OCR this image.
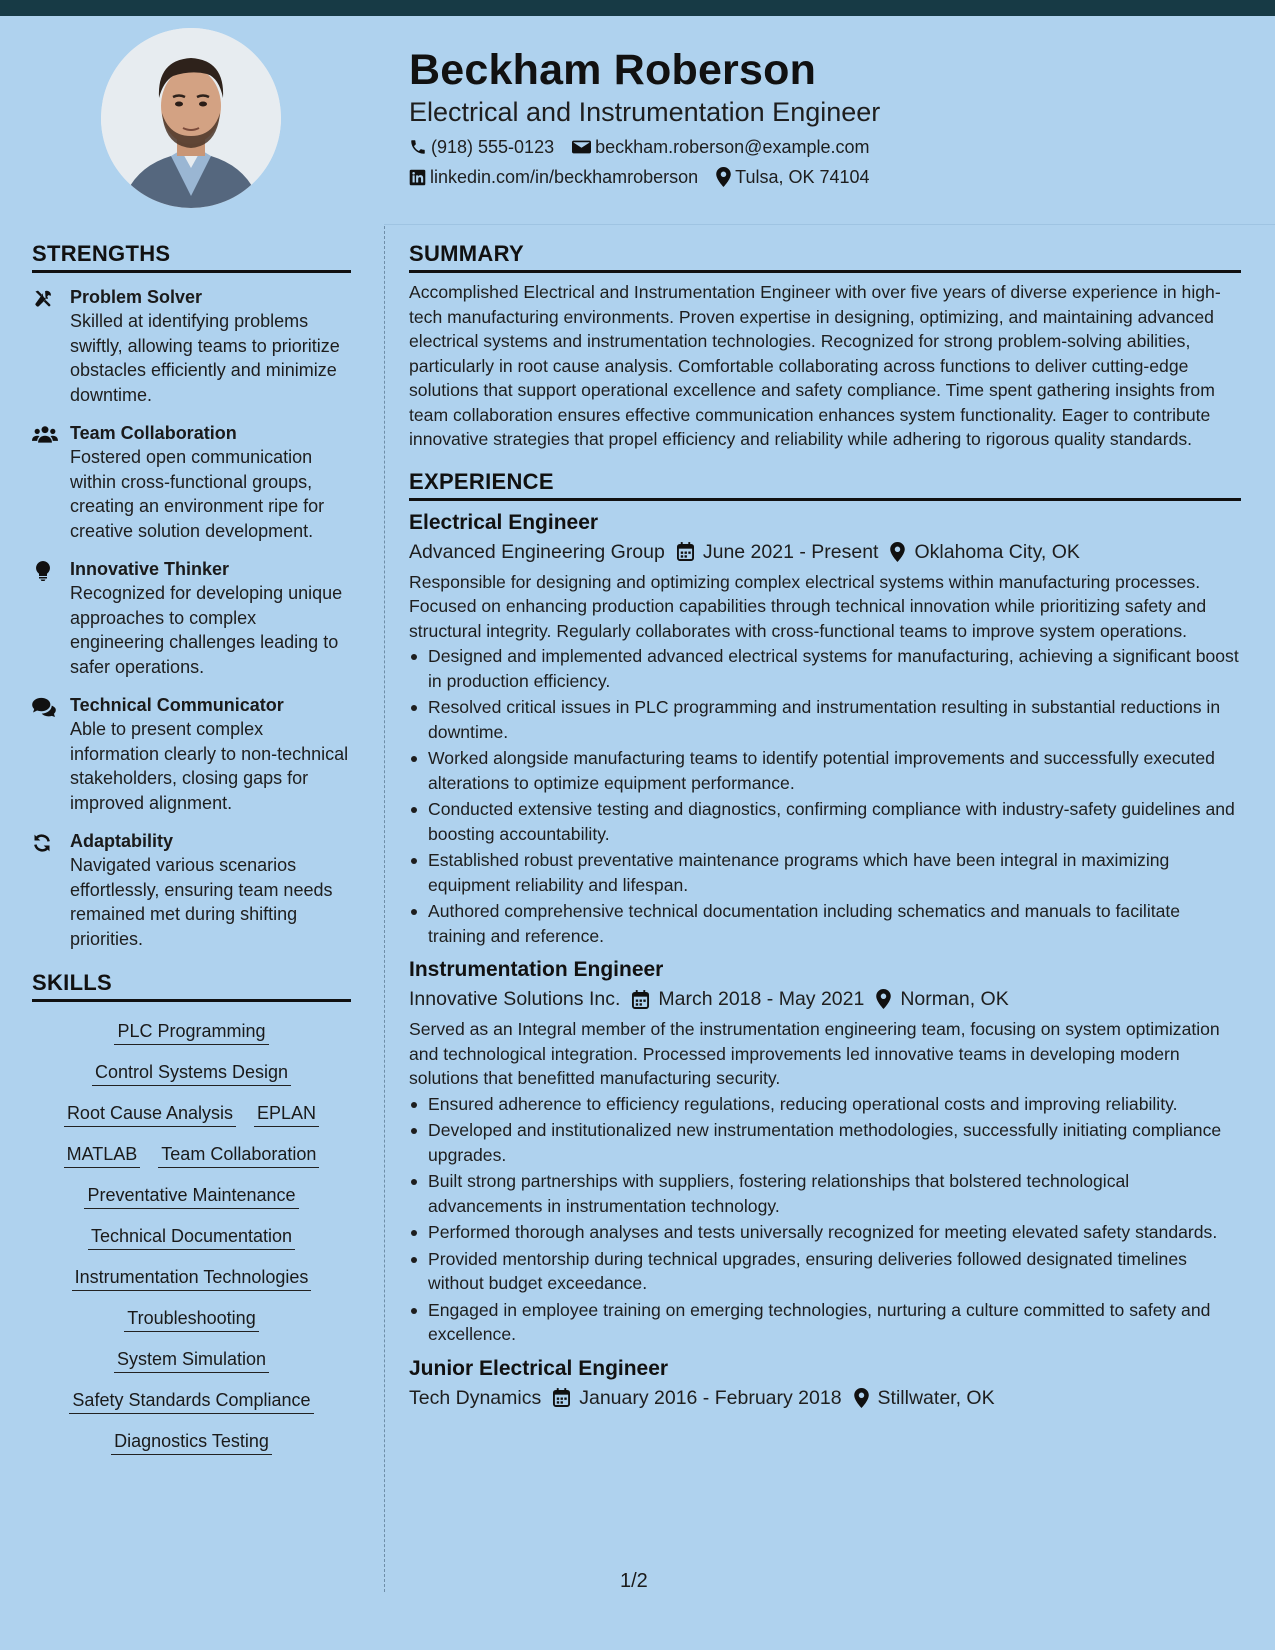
Beckham Roberson
Electrical and Instrumentation Engineer
(918) 555-0123 beckham.roberson@example.com
linkedin.com/in/beckhamroberson Tulsa, OK 74104
STRENGTHS
Problem Solver
Skilled at identifying problems swiftly, allowing teams to prioritize obstacles efficiently and minimize downtime.
Team Collaboration
Fostered open communication within cross-functional groups, creating an environment ripe for creative solution development.
Innovative Thinker
Recognized for developing unique approaches to complex engineering challenges leading to safer operations.
Technical Communicator
Able to present complex information clearly to non-technical stakeholders, closing gaps for improved alignment.
Adaptability
Navigated various scenarios effortlessly, ensuring team needs remained met during shifting priorities.
SKILLS
PLC Programming
Control Systems Design
Root Cause Analysis EPLAN
MATLAB Team Collaboration
Preventative Maintenance
Technical Documentation
Instrumentation Technologies
Troubleshooting
System Simulation
Safety Standards Compliance
Diagnostics Testing
SUMMARY
Accomplished Electrical and Instrumentation Engineer with over five years of diverse experience in high-tech manufacturing environments. Proven expertise in designing, optimizing, and maintaining advanced electrical systems and instrumentation technologies. Recognized for strong problem-solving abilities, particularly in root cause analysis. Comfortable collaborating across functions to deliver cutting-edge solutions that support operational excellence and safety compliance. Time spent gathering insights from team collaboration ensures effective communication enhances system functionality. Eager to contribute innovative strategies that propel efficiency and reliability while adhering to rigorous quality standards.
EXPERIENCE
Electrical Engineer
Advanced Engineering Group June 2021 - Present Oklahoma City, OK
Responsible for designing and optimizing complex electrical systems within manufacturing processes. Focused on enhancing production capabilities through technical innovation while prioritizing safety and structural integrity. Regularly collaborates with cross-functional teams to improve system operations.
Designed and implemented advanced electrical systems for manufacturing, achieving a significant boost in production efficiency.
Resolved critical issues in PLC programming and instrumentation resulting in substantial reductions in downtime.
Worked alongside manufacturing teams to identify potential improvements and successfully executed alterations to optimize equipment performance.
Conducted extensive testing and diagnostics, confirming compliance with industry-safety guidelines and boosting accountability.
Established robust preventative maintenance programs which have been integral in maximizing equipment reliability and lifespan.
Authored comprehensive technical documentation including schematics and manuals to facilitate training and reference.
Instrumentation Engineer
Innovative Solutions Inc. March 2018 - May 2021 Norman, OK
Served as an Integral member of the instrumentation engineering team, focusing on system optimization and technological integration. Processed improvements led innovative teams in developing modern solutions that benefitted manufacturing security.
Ensured adherence to efficiency regulations, reducing operational costs and improving reliability.
Developed and institutionalized new instrumentation methodologies, successfully initiating compliance upgrades.
Built strong partnerships with suppliers, fostering relationships that bolstered technological advancements in instrumentation technology.
Performed thorough analyses and tests universally recognized for meeting elevated safety standards.
Provided mentorship during technical upgrades, ensuring deliveries followed designated timelines without budget exceedance.
Engaged in employee training on emerging technologies, nurturing a culture committed to safety and excellence.
Junior Electrical Engineer
Tech Dynamics January 2016 - February 2018 Stillwater, OK
1/2
